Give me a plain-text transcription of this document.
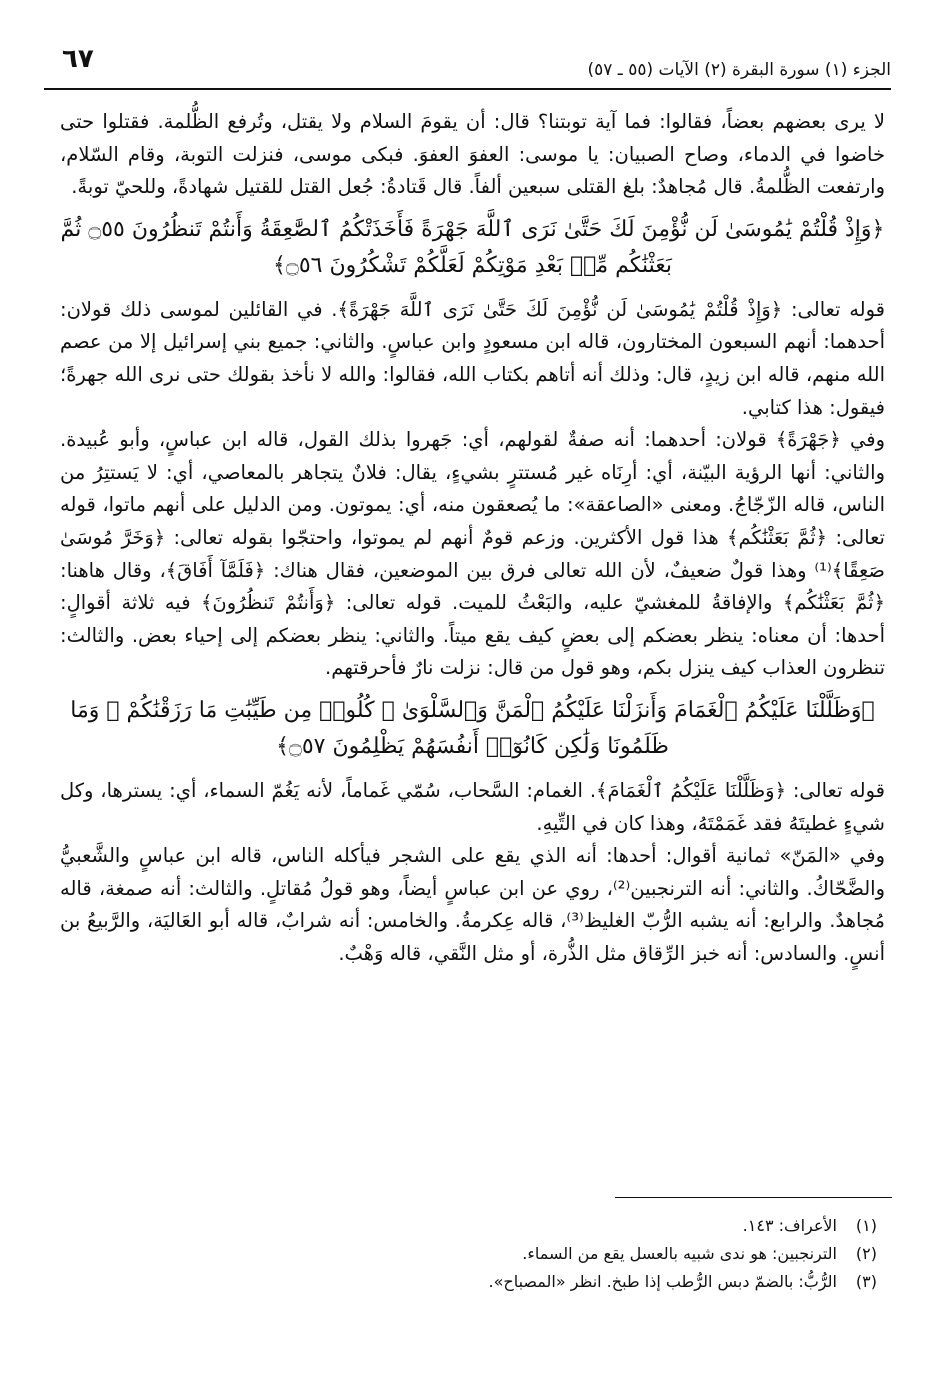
٦٧	الجزء (١) سورة البقرة (٢) الآيات (٥٥ ـ ٥٧)

لا يرى بعضهم بعضاً، فقالوا: فما آية توبتنا؟ قال: أن يقومَ السلام ولا يقتل، وتُرفع الظُّلمة. فقتلوا حتى خاضوا في الدماء، وصاح الصبيان: يا موسى: العفوَ العفوَ. فبكى موسى، فنزلت التوبة، وقام السّلام، وارتفعت الظُّلمةُ. قال مُجاهدٌ: بلغ القتلى سبعين ألفاً. قال قَتادةُ: جُعل القتل للقتيل شهادةً، وللحيّ توبةً.

﴿وَإِذْ قُلْتُمْ يَٰمُوسَىٰ لَن نُّؤْمِنَ لَكَ حَتَّىٰ نَرَى ٱللَّهَ جَهْرَةً فَأَخَذَتْكُمُ ٱلصَّٰعِقَةُ وَأَنتُمْ تَنظُرُونَ ۝٥٥ ثُمَّ بَعَثْنَٰكُم مِّنۢ بَعْدِ مَوْتِكُمْ لَعَلَّكُمْ تَشْكُرُونَ ۝٥٦﴾

قوله تعالى: ﴿وَإِذْ قُلْتُمْ يَٰمُوسَىٰ لَن نُّؤْمِنَ لَكَ حَتَّىٰ نَرَى ٱللَّهَ جَهْرَةً﴾. في القائلين لموسى ذلك قولان: أحدهما: أنهم السبعون المختارون، قاله ابن مسعودٍ وابن عباسٍ. والثاني: جميع بني إسرائيل إلا من عصم الله منهم، قاله ابن زيدٍ، قال: وذلك أنه أتاهم بكتاب الله، فقالوا: والله لا نأخذ بقولك حتى نرى الله جهرةً؛ فيقول: هذا كتابي.

وفي ﴿جَهْرَةً﴾ قولان: أحدهما: أنه صفةٌ لقولهم، أي: جَهروا بذلك القول، قاله ابن عباسٍ، وأبو عُبيدة. والثاني: أنها الرؤية البيّنة، أي: أرِنَاه غير مُستترٍ بشيءٍ، يقال: فلانٌ يتجاهر بالمعاصي، أي: لا يَستتِرُ من الناس، قاله الزّجّاجُ. ومعنى «الصاعقة»: ما يُصعقون منه، أي: يموتون. ومن الدليل على أنهم ماتوا، قوله تعالى: ﴿ثُمَّ بَعَثْنَٰكُم﴾ هذا قول الأكثرين. وزعم قومٌ أنهم لم يموتوا، واحتجّوا بقوله تعالى: ﴿وَخَرَّ مُوسَىٰ صَعِقًا﴾⁽¹⁾ وهذا قولٌ ضعيفٌ، لأن الله تعالى فرق بين الموضعين، فقال هناك: ﴿فَلَمَّآ أَفَاقَ﴾، وقال هاهنا: ﴿ثُمَّ بَعَثْنَٰكُم﴾ والإفاقةُ للمغشيّ عليه، والبَعْثُ للميت. قوله تعالى: ﴿وَأَنتُمْ تَنظُرُونَ﴾ فيه ثلاثة أقوالٍ: أحدها: أن معناه: ينظر بعضكم إلى بعضٍ كيف يقع ميتاً. والثاني: ينظر بعضكم إلى إحياء بعض. والثالث: تنظرون العذاب كيف ينزل بكم، وهو قول من قال: نزلت نارٌ فأحرقتهم.

﴿وَظَلَّلْنَا عَلَيْكُمُ ٱلْغَمَامَ وَأَنزَلْنَا عَلَيْكُمُ ٱلْمَنَّ وَٱلسَّلْوَىٰ ۖ كُلُوا۟ مِن طَيِّبَٰتِ مَا رَزَقْنَٰكُمْ ۖ وَمَا ظَلَمُونَا وَلَٰكِن كَانُوٓا۟ أَنفُسَهُمْ يَظْلِمُونَ ۝٥٧﴾

قوله تعالى: ﴿وَظَلَّلْنَا عَلَيْكُمُ ٱلْغَمَامَ﴾. الغمام: السَّحاب، سُمّي غَماماً، لأنه يَغُمّ السماء، أي: يسترها، وكل شيءٍ غطيتَهُ فقد غَمَمْتَهُ، وهذا كان في التِّيهِ.

وفي «المَنّ» ثمانية أقوال: أحدها: أنه الذي يقع على الشجر فيأكله الناس، قاله ابن عباسٍ والشَّعبيُّ والضَّحّاكُ. والثاني: أنه الترنجبين⁽²⁾، روي عن ابن عباسٍ أيضاً، وهو قولُ مُقاتلٍ. والثالث: أنه صمغة، قاله مُجاهدٌ. والرابع: أنه يشبه الرُّبّ الغليظ⁽³⁾، قاله عِكرمةُ. والخامس: أنه شرابٌ، قاله أبو العَاليَة، والرَّبيعُ بن أنسٍ. والسادس: أنه خبز الرِّقاق مثل الذُّرة، أو مثل النَّقي، قاله وَهْبٌ.

(١)الأعراف: ١٤٣.

(٢)الترنجبين: هو ندى شبيه بالعسل يقع من السماء.

(٣)الرُّبُّ: بالضمّ دبس الرُّطب إذا طبخ. انظر «المصباح».
